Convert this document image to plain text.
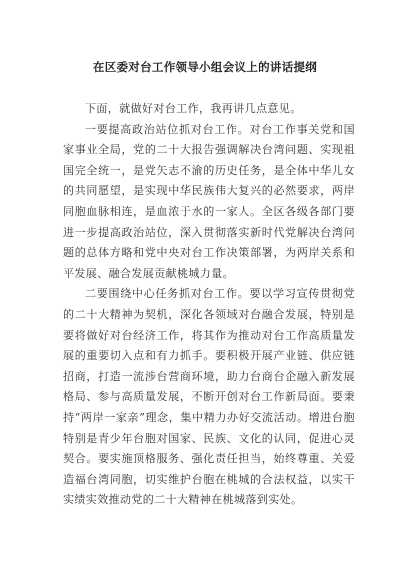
在区委对台工作领导小组会议上的讲话提纲

下面，就做好对台工作，我再讲几点意见。

一要提高政治站位抓对台工作。对台工作事关党和国家事业全局，党的二十大报告强调解决台湾问题、实现祖国完全统一，是党矢志不渝的历史任务，是全体中华儿女的共同愿望，是实现中华民族伟大复兴的必然要求，两岸同胞血脉相连，是血浓于水的一家人。全区各级各部门要进一步提高政治站位，深入贯彻落实新时代党解决台湾问题的总体方略和党中央对台工作决策部署，为两岸关系和平发展、融合发展贡献桃城力量。

二要围绕中心任务抓对台工作。要以学习宣传贯彻党的二十大精神为契机，深化各领域对台融合发展，特别是要将做好对台经济工作，将其作为推动对台工作高质量发展的重要切入点和有力抓手。要积极开展产业链、供应链招商，打造一流涉台营商环境，助力台商台企融入新发展格局、参与高质量发展，不断开创对台工作新局面。要秉持“两岸一家亲”理念，集中精力办好交流活动。增进台胞特别是青少年台胞对国家、民族、文化的认同，促进心灵契合。要实施顶格服务、强化责任担当，始终尊重、关爱造福台湾同胞，切实维护台胞在桃城的合法权益，以实干实绩实效推动党的二十大精神在桃城落到实处。
